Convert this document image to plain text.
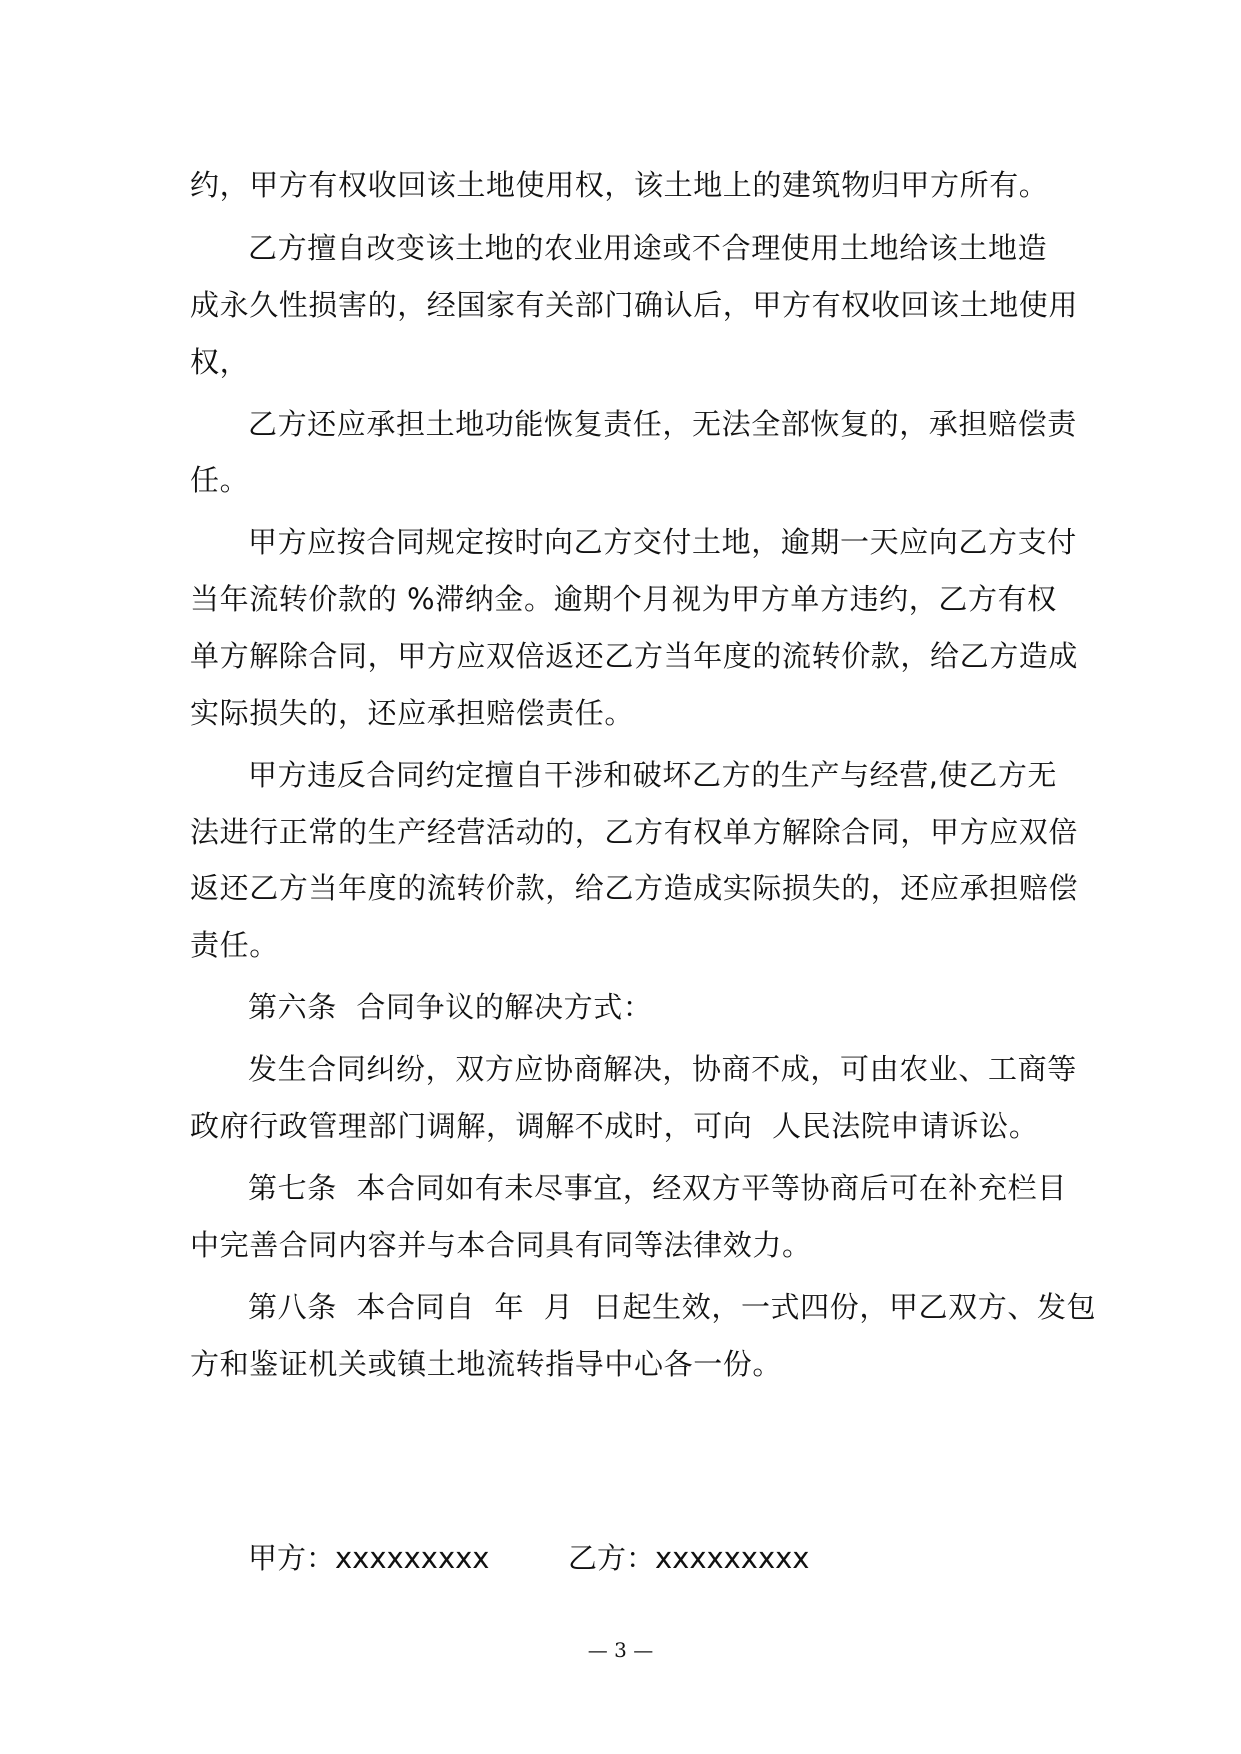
约，甲方有权收回该土地使用权，该土地上的建筑物归甲方所有。
乙方擅自改变该土地的农业用途或不合理使用土地给该土地造
成永久性损害的，经国家有关部门确认后，甲方有权收回该土地使用
权，
乙方还应承担土地功能恢复责任，无法全部恢复的，承担赔偿责
任。
甲方应按合同规定按时向乙方交付土地，逾期一天应向乙方支付
当年流转价款的 %滞纳金。逾期个月视为甲方单方违约，乙方有权
单方解除合同，甲方应双倍返还乙方当年度的流转价款，给乙方造成
实际损失的，还应承担赔偿责任。
甲方违反合同约定擅自干涉和破坏乙方的生产与经营,使乙方无
法进行正常的生产经营活动的，乙方有权单方解除合同，甲方应双倍
返还乙方当年度的流转价款，给乙方造成实际损失的，还应承担赔偿
责任。
第六条  合同争议的解决方式：
发生合同纠纷，双方应协商解决，协商不成，可由农业、工商等
政府行政管理部门调解，调解不成时，可向  人民法院申请诉讼。
第七条  本合同如有未尽事宜，经双方平等协商后可在补充栏目
中完善合同内容并与本合同具有同等法律效力。
第八条  本合同自  年  月  日起生效，一式四份，甲乙双方、发包
方和鉴证机关或镇土地流转指导中心各一份。
甲方：xxxxxxxxx	乙方：xxxxxxxxx
— 3 —
